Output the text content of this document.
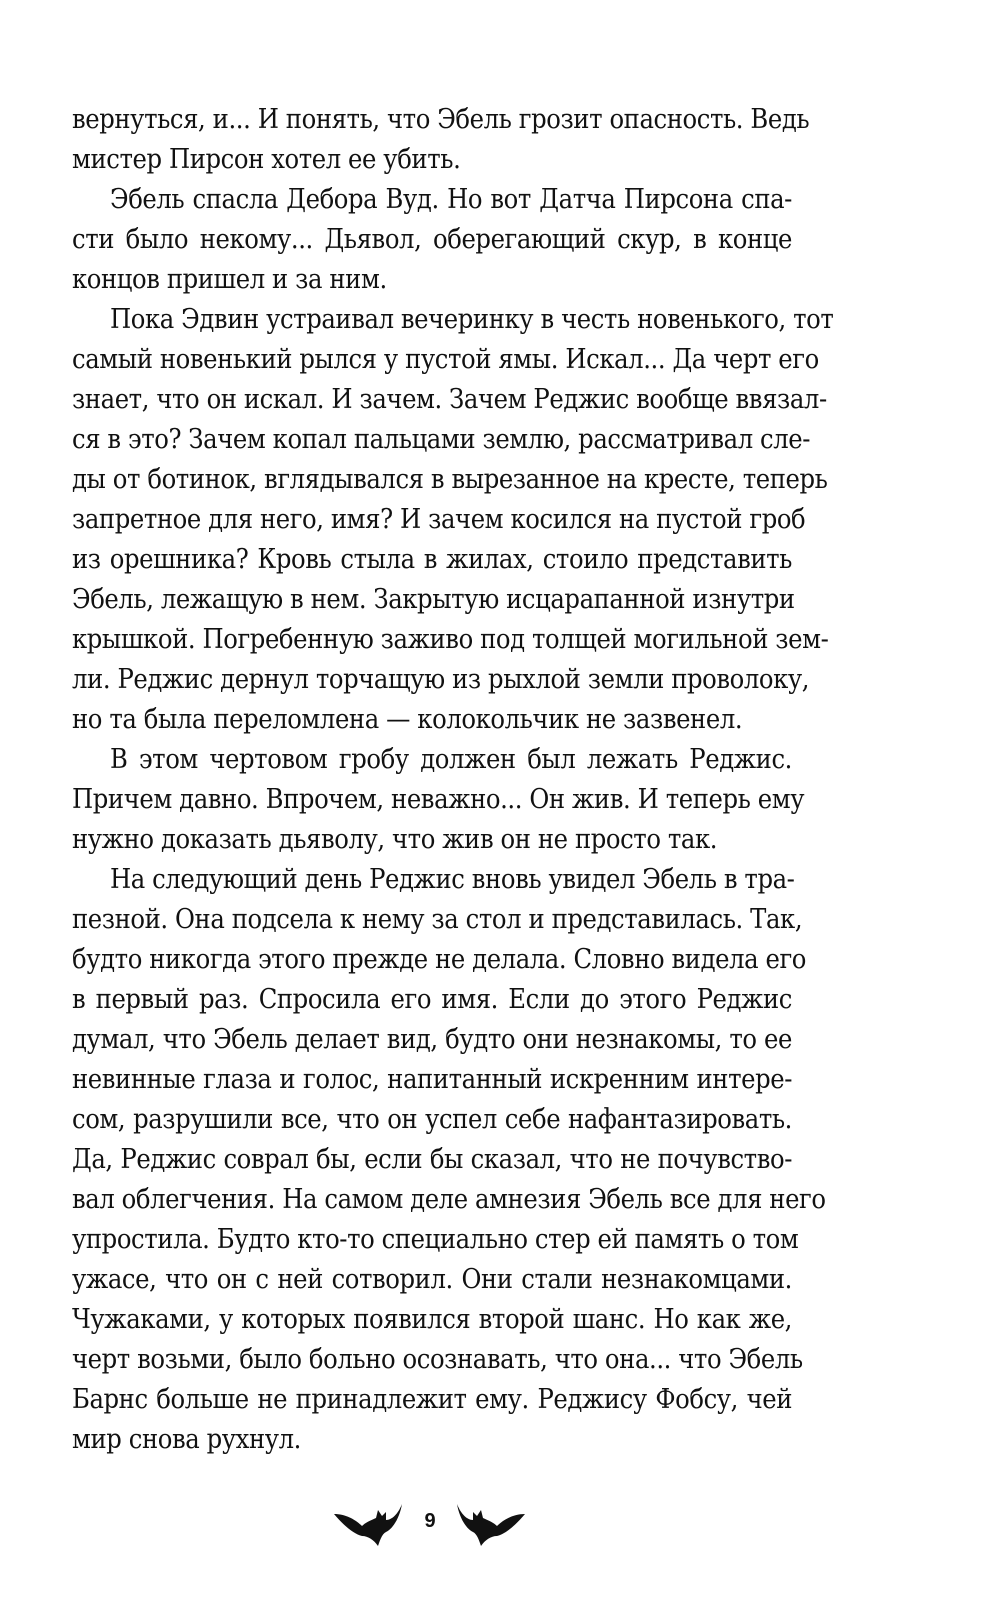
вернуться, и... И понять, что Эбель грозит опасность. Ведь
мистер Пирсон хотел ее убить.
Эбель спасла Дебора Вуд. Но вот Датча Пирсона спа-
сти было некому... Дьявол, оберегающий скур, в конце
концов пришел и за ним.
Пока Эдвин устраивал вечеринку в честь новенького, тот
самый новенький рылся у пустой ямы. Искал... Да черт его
знает, что он искал. И зачем. Зачем Реджис вообще ввязал-
ся в это? Зачем копал пальцами землю, рассматривал сле-
ды от ботинок, вглядывался в вырезанное на кресте, теперь
запретное для него, имя? И зачем косился на пустой гроб
из орешника? Кровь стыла в жилах, стоило представить
Эбель, лежащую в нем. Закрытую исцарапанной изнутри
крышкой. Погребенную заживо под толщей могильной зем-
ли. Реджис дернул торчащую из рыхлой земли проволоку,
но та была переломлена — колокольчик не зазвенел.
В этом чертовом гробу должен был лежать Реджис.
Причем давно. Впрочем, неважно... Он жив. И теперь ему
нужно доказать дьяволу, что жив он не просто так.
На следующий день Реджис вновь увидел Эбель в тра-
пезной. Она подсела к нему за стол и представилась. Так,
будто никогда этого прежде не делала. Словно видела его
в первый раз. Спросила его имя. Если до этого Реджис
думал, что Эбель делает вид, будто они незнакомы, то ее
невинные глаза и голос, напитанный искренним интере-
сом, разрушили все, что он успел себе нафантазировать.
Да, Реджис соврал бы, если бы сказал, что не почувство-
вал облегчения. На самом деле амнезия Эбель все для него
упростила. Будто кто-то специально стер ей память о том
ужасе, что он с ней сотворил. Они стали незнакомцами.
Чужаками, у которых появился второй шанс. Но как же,
черт возьми, было больно осознавать, что она... что Эбель
Барнс больше не принадлежит ему. Реджису Фобсу, чей
мир снова рухнул.
9
